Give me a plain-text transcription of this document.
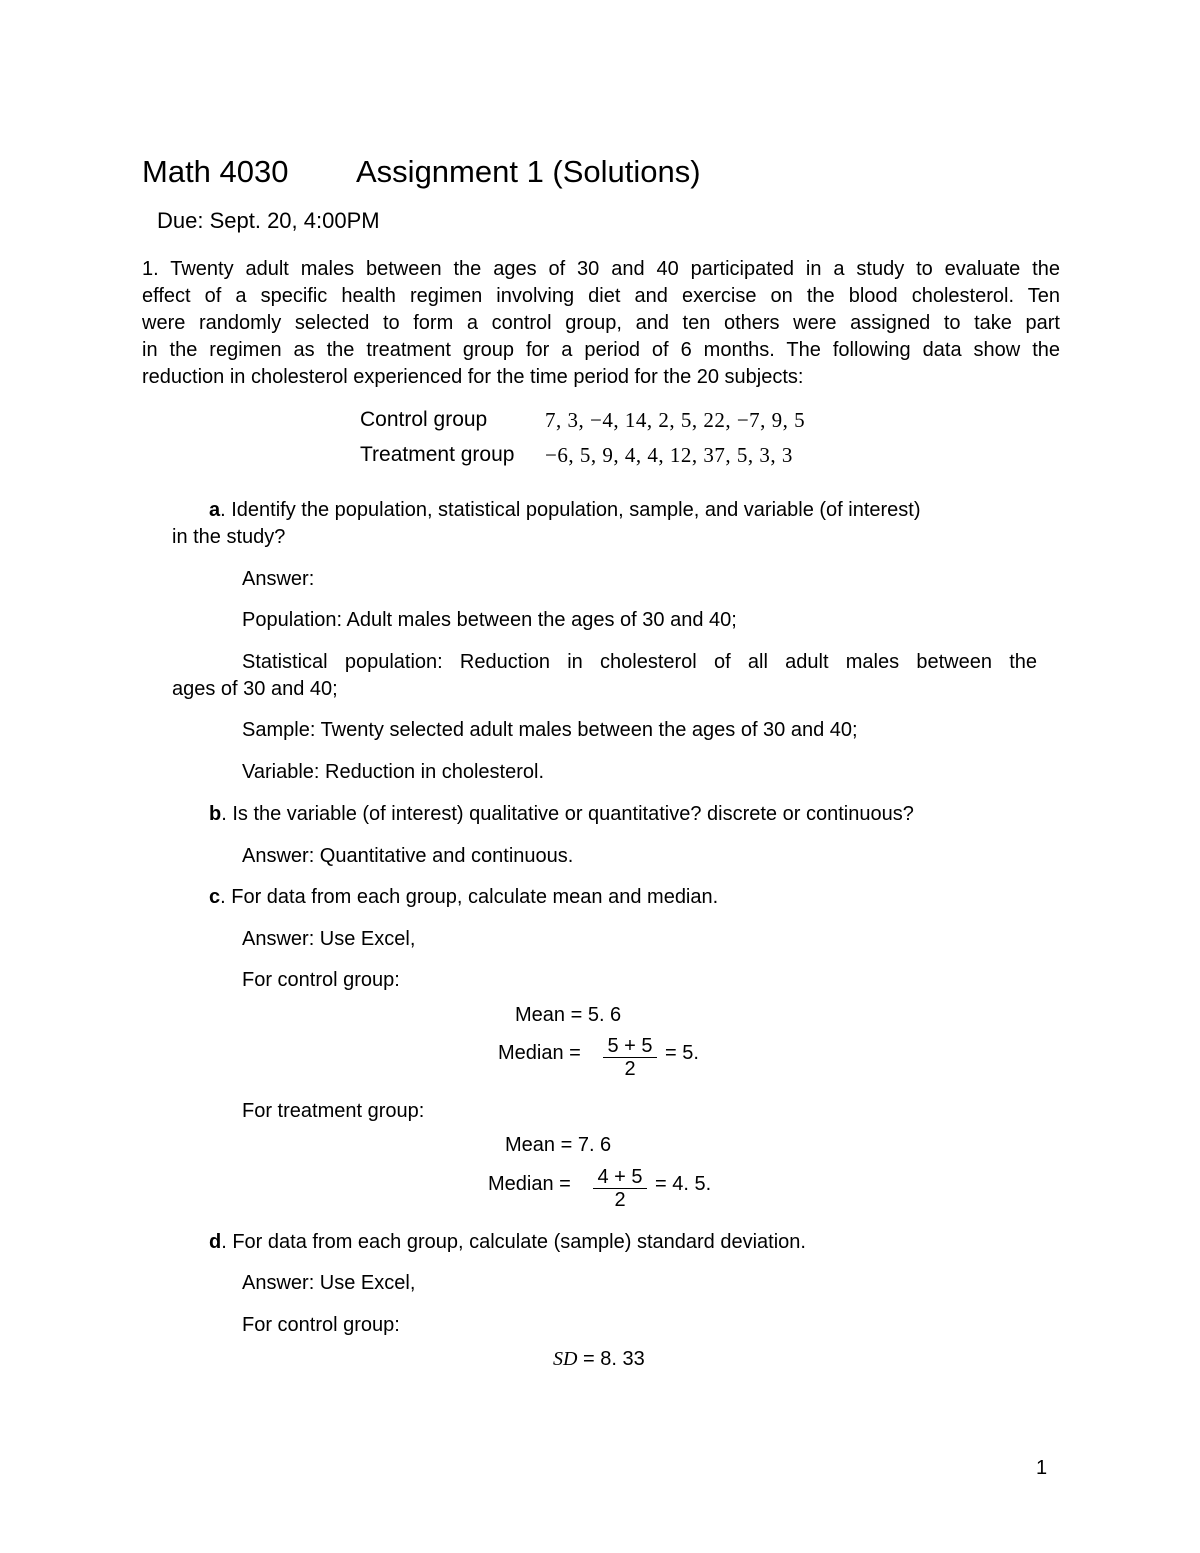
Math 4030 Assignment 1 (Solutions)
Due: Sept. 20, 4:00PM
1. Twenty adult males between the ages of 30 and 40 participated in a study to evaluate the
effect of a specific health regimen involving diet and exercise on the blood cholesterol. Ten
were randomly selected to form a control group, and ten others were assigned to take part
in the regimen as the treatment group for a period of 6 months. The following data show the
reduction in cholesterol experienced for the time period for the 20 subjects:
Control group	7, 3, −4, 14, 2, 5, 22, −7, 9, 5
Treatment group −6, 5, 9, 4, 4, 12, 37, 5, 3, 3
a. Identify the population, statistical population, sample, and variable (of interest)
in the study?
Answer:
Population: Adult males between the ages of 30 and 40;
Statistical population: Reduction in cholesterol of all adult males between the
ages of 30 and 40;
Sample: Twenty selected adult males between the ages of 30 and 40;
Variable: Reduction in cholesterol.
b. Is the variable (of interest) qualitative or quantitative? discrete or continuous?
Answer: Quantitative and continuous.
c. For data from each group, calculate mean and median.
Answer: Use Excel,
For control group:
Mean = 5. 6
Median = 5 + 5
2
= 5.
For treatment group:
Mean = 7. 6
Median = 4 + 5
2
= 4. 5.
d. For data from each group, calculate (sample) standard deviation.
Answer: Use Excel,
For control group:
SD = 8. 33
1
